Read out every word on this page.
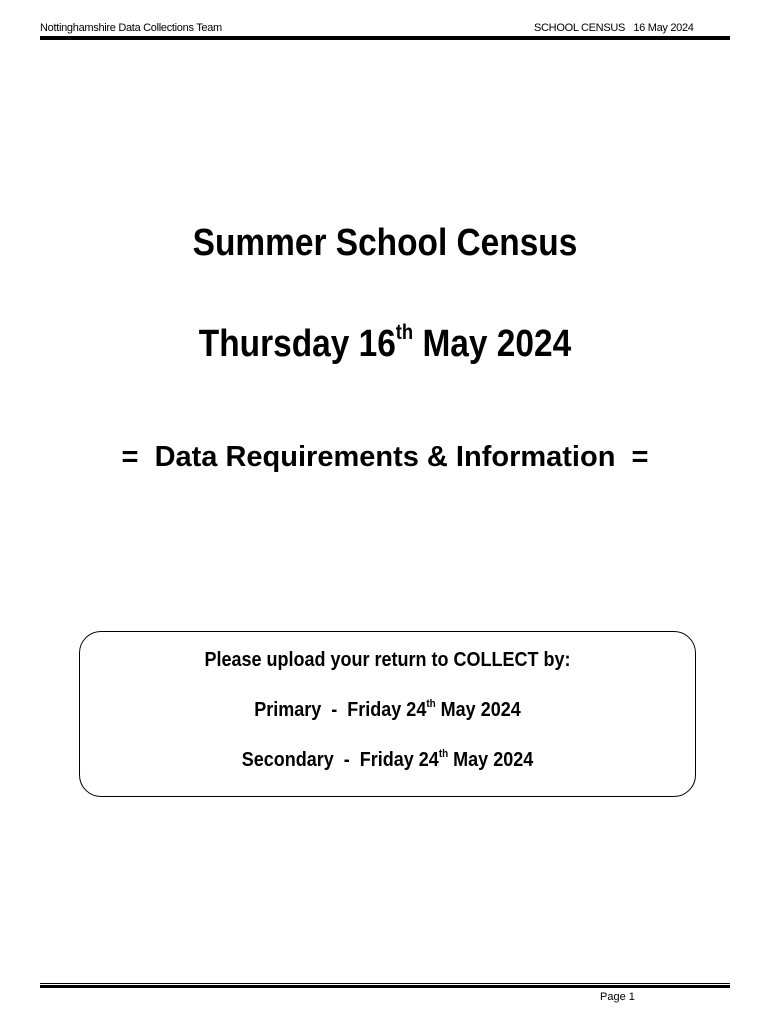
Nottinghamshire Data Collections Team	SCHOOL CENSUS   16 May 2024
Summer School Census
Thursday 16th May 2024
=  Data Requirements & Information  =
Please upload your return to COLLECT by:
Primary  -  Friday 24th May 2024
Secondary  -  Friday 24th May 2024
Page 1
